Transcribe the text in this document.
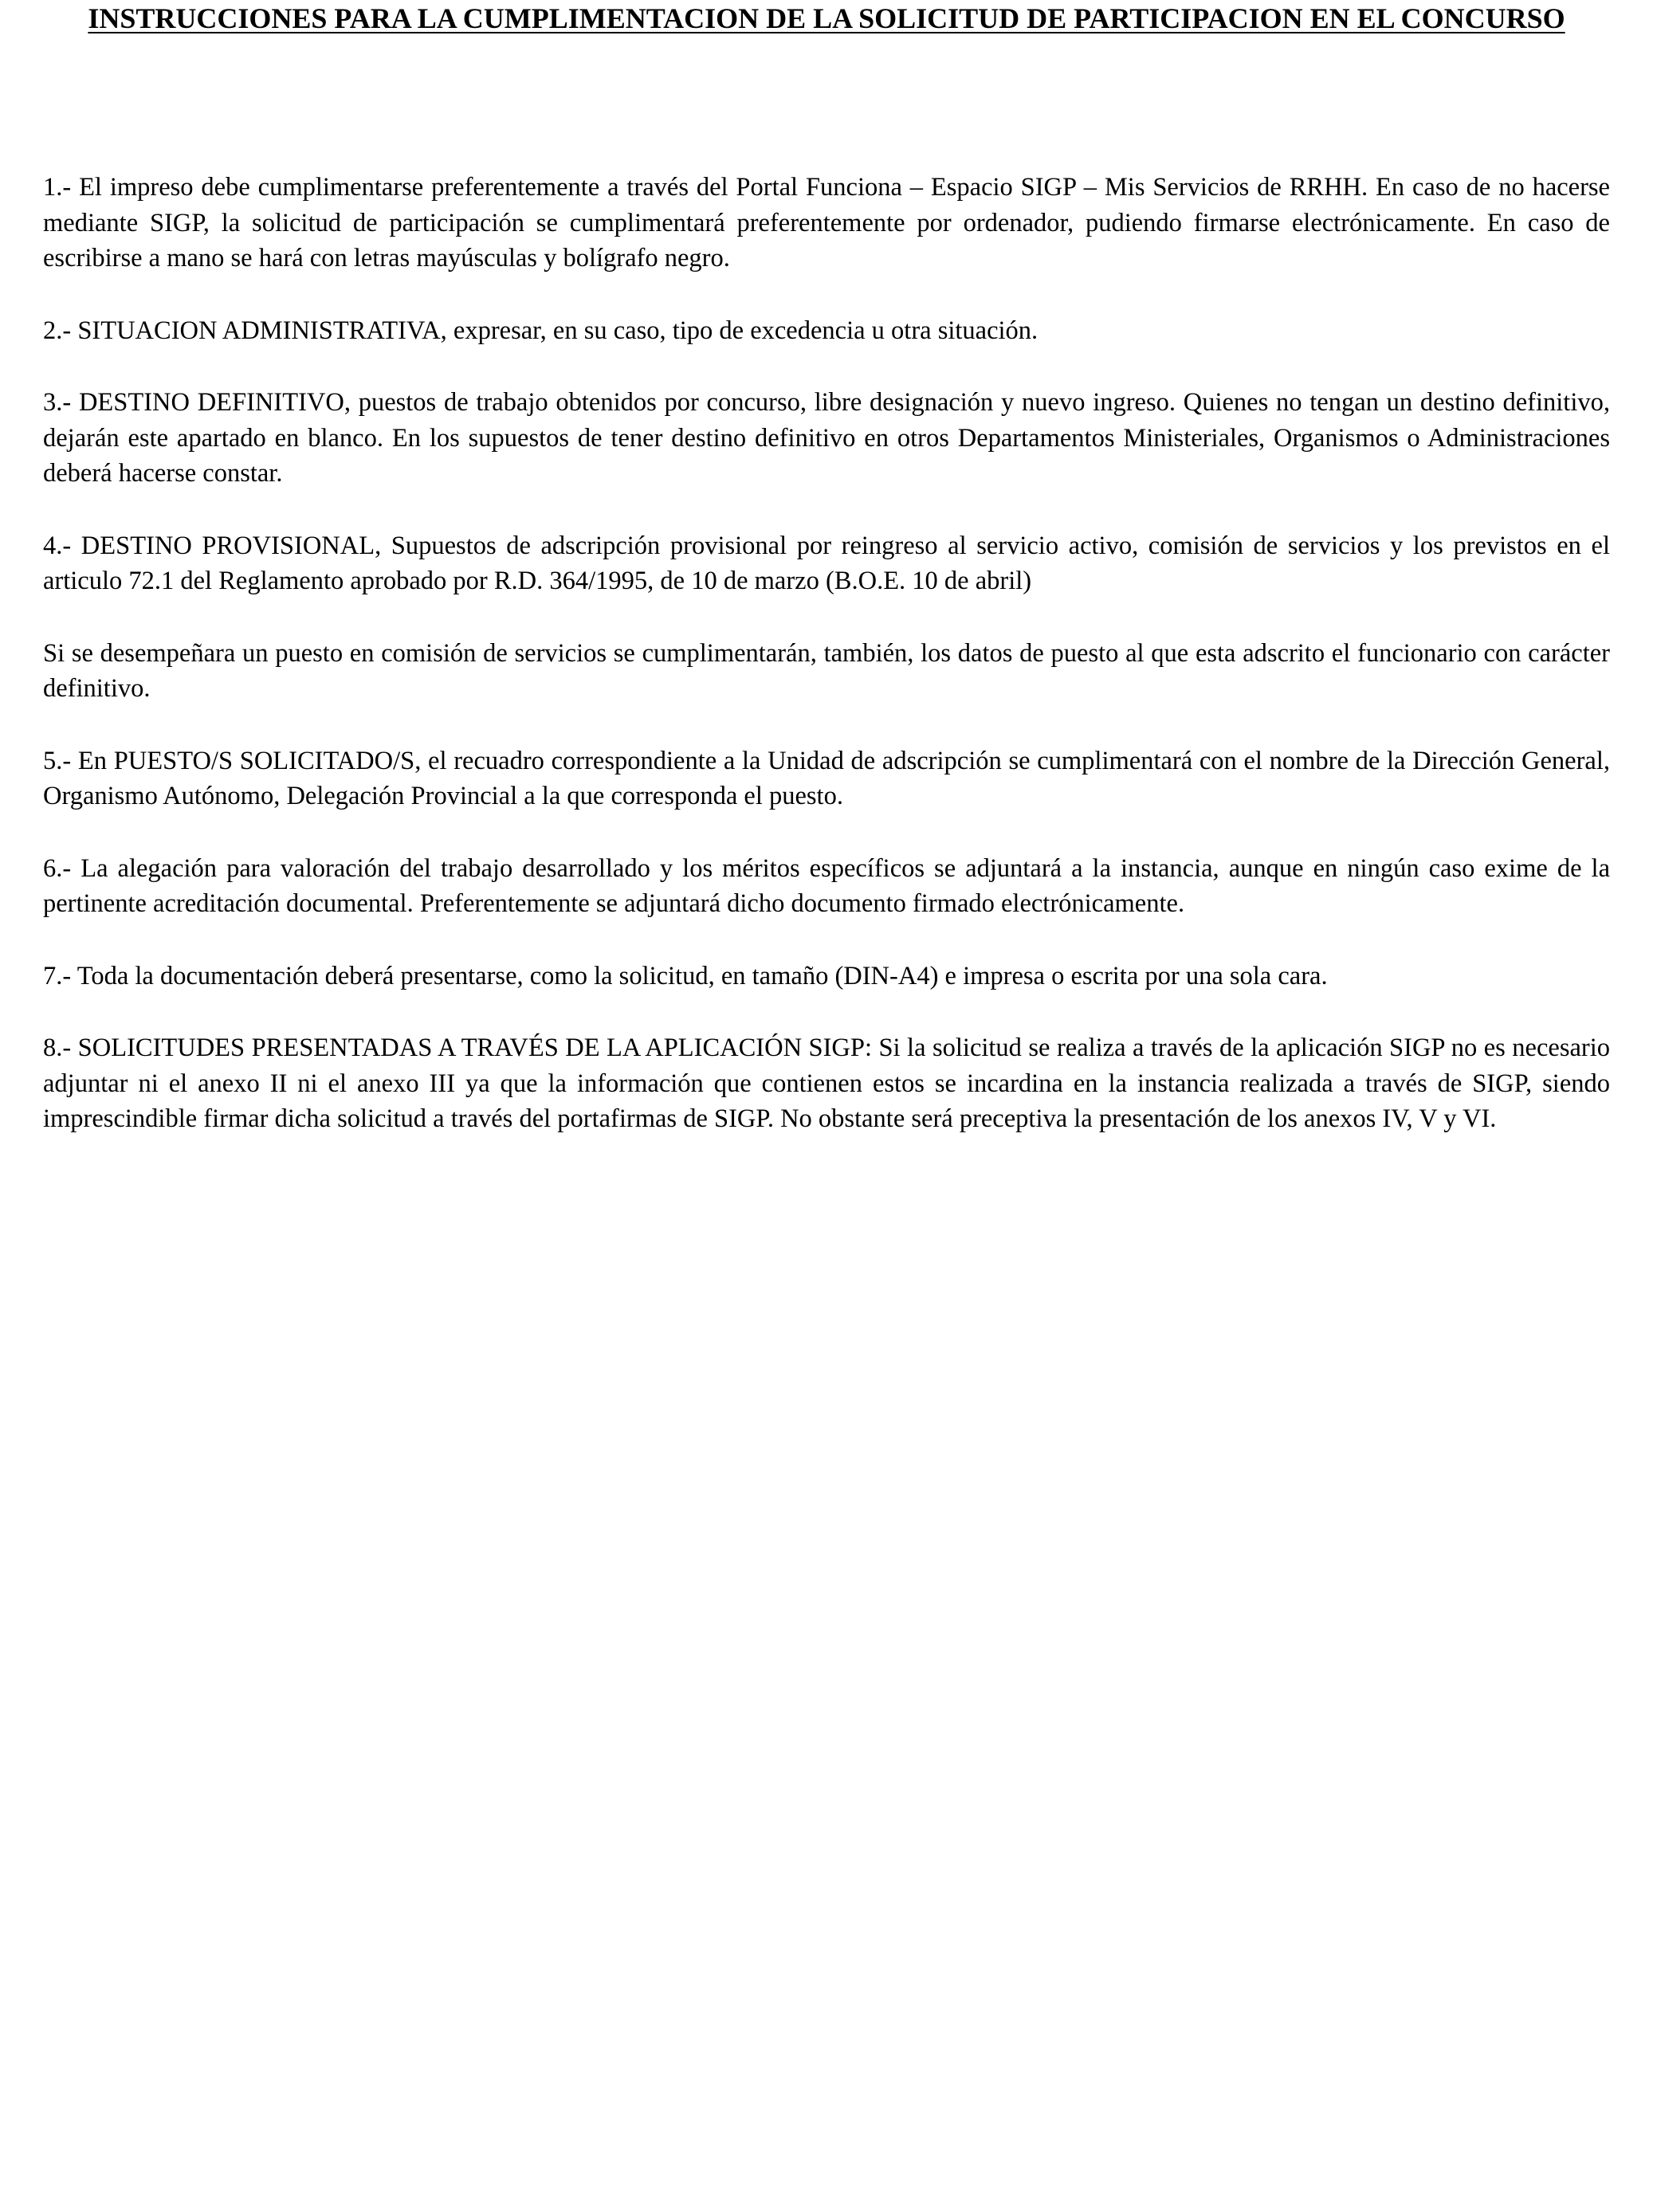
INSTRUCCIONES PARA LA CUMPLIMENTACION DE LA SOLICITUD DE PARTICIPACION EN EL CONCURSO

1.- El impreso debe cumplimentarse preferentemente a través del Portal Funciona – Espacio SIGP – Mis Servicios de RRHH. En caso de no hacerse mediante SIGP, la solicitud de participación se cumplimentará preferentemente por ordenador, pudiendo firmarse electrónicamente. En caso de escribirse a mano se hará con letras mayúsculas y bolígrafo negro.

2.- SITUACION ADMINISTRATIVA, expresar, en su caso, tipo de excedencia u otra situación.

3.- DESTINO DEFINITIVO, puestos de trabajo obtenidos por concurso, libre designación y nuevo ingreso. Quienes no tengan un destino definitivo, dejarán este apartado en blanco. En los supuestos de tener destino definitivo en otros Departamentos Ministeriales, Organismos o Administraciones deberá hacerse constar.

4.- DESTINO PROVISIONAL, Supuestos de adscripción provisional por reingreso al servicio activo, comisión de servicios y los previstos en el articulo 72.1 del Reglamento aprobado por R.D. 364/1995, de 10 de marzo (B.O.E. 10 de abril)

Si se desempeñara un puesto en comisión de servicios se cumplimentarán, también, los datos de puesto al que esta adscrito el funcionario con carácter definitivo.

5.- En PUESTO/S SOLICITADO/S, el recuadro correspondiente a la Unidad de adscripción se cumplimentará con el nombre de la Dirección General, Organismo Autónomo, Delegación Provincial a la que corresponda el puesto.

6.- La alegación para valoración del trabajo desarrollado y los méritos específicos se adjuntará a la instancia, aunque en ningún caso exime de la pertinente acreditación documental. Preferentemente se adjuntará dicho documento firmado electrónicamente.

7.- Toda la documentación deberá presentarse, como la solicitud, en tamaño (DIN-A4) e impresa o escrita por una sola cara.

8.- SOLICITUDES PRESENTADAS A TRAVÉS DE LA APLICACIÓN SIGP: Si la solicitud se realiza a través de la aplicación SIGP no es necesario adjuntar ni el anexo II ni el anexo III ya que la información que contienen estos se incardina en la instancia realizada a través de SIGP, siendo imprescindible firmar dicha solicitud a través del portafirmas de SIGP. No obstante será preceptiva la presentación de los anexos IV, V y VI.
